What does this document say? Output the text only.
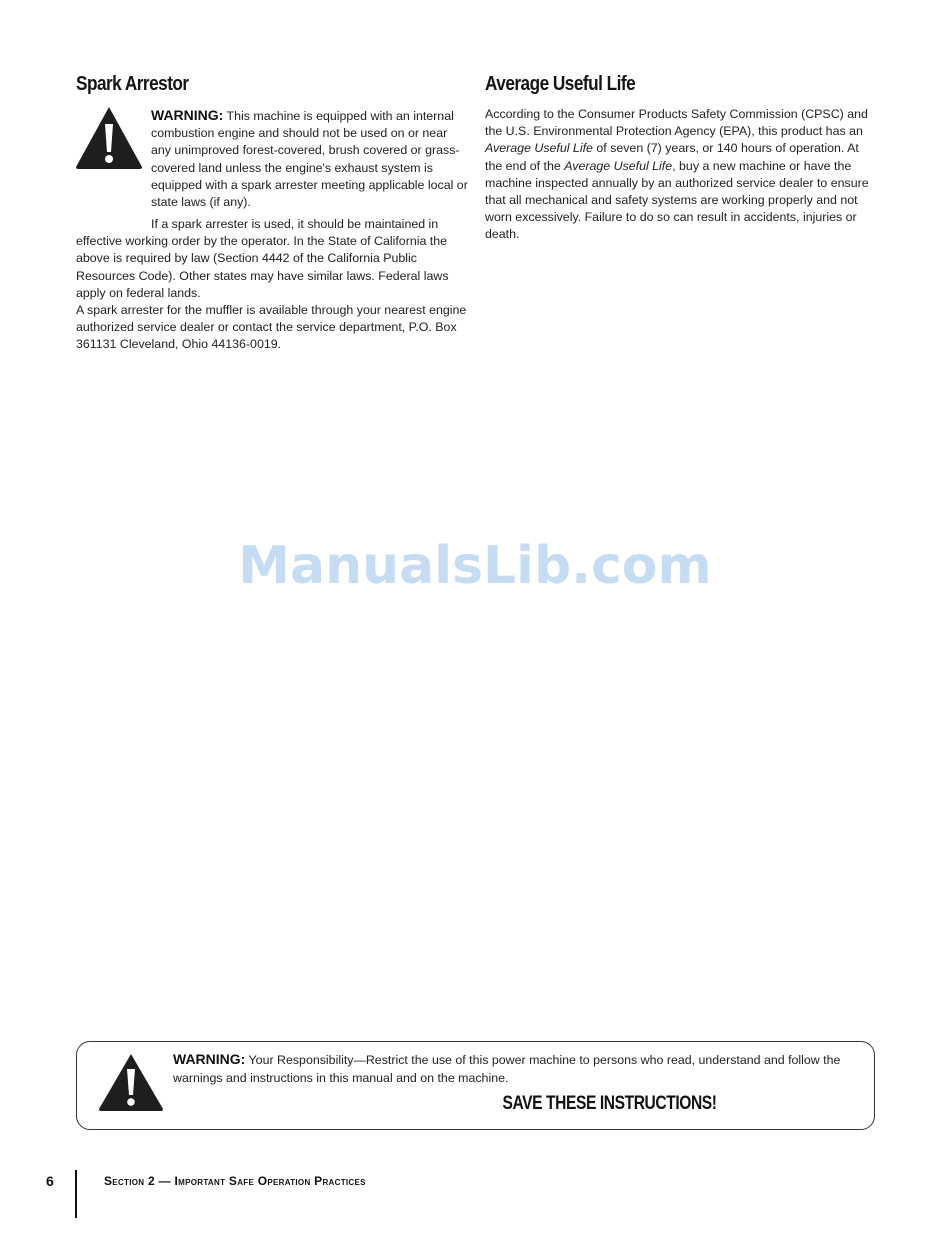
Spark Arrestor

WARNING: This machine is equipped with an internal combustion engine and should not be used on or near any unimproved forest-covered, brush covered or grass-covered land unless the engine's exhaust system is equipped with a spark arrester meeting applicable local or state laws (if any).

If a spark arrester is used, it should be maintained in effective working order by the operator. In the State of California the above is required by law (Section 4442 of the California Public Resources Code). Other states may have similar laws. Federal laws apply on federal lands.

A spark arrester for the muffler is available through your nearest engine authorized service dealer or contact the service department, P.O. Box 361131 Cleveland, Ohio 44136-0019.

Average Useful Life

According to the Consumer Products Safety Commission (CPSC) and the U.S. Environmental Protection Agency (EPA), this product has an Average Useful Life of seven (7) years, or 140 hours of operation. At the end of the Average Useful Life, buy a new machine or have the machine inspected annually by an authorized service dealer to ensure that all mechanical and safety systems are working properly and not worn excessively. Failure to do so can result in accidents, injuries or death.

ManualsLib.com

WARNING: Your Responsibility—Restrict the use of this power machine to persons who read, understand and follow the warnings and instructions in this manual and on the machine.

SAVE THESE INSTRUCTIONS!
6	Section 2 — Important Safe Operation Practices
